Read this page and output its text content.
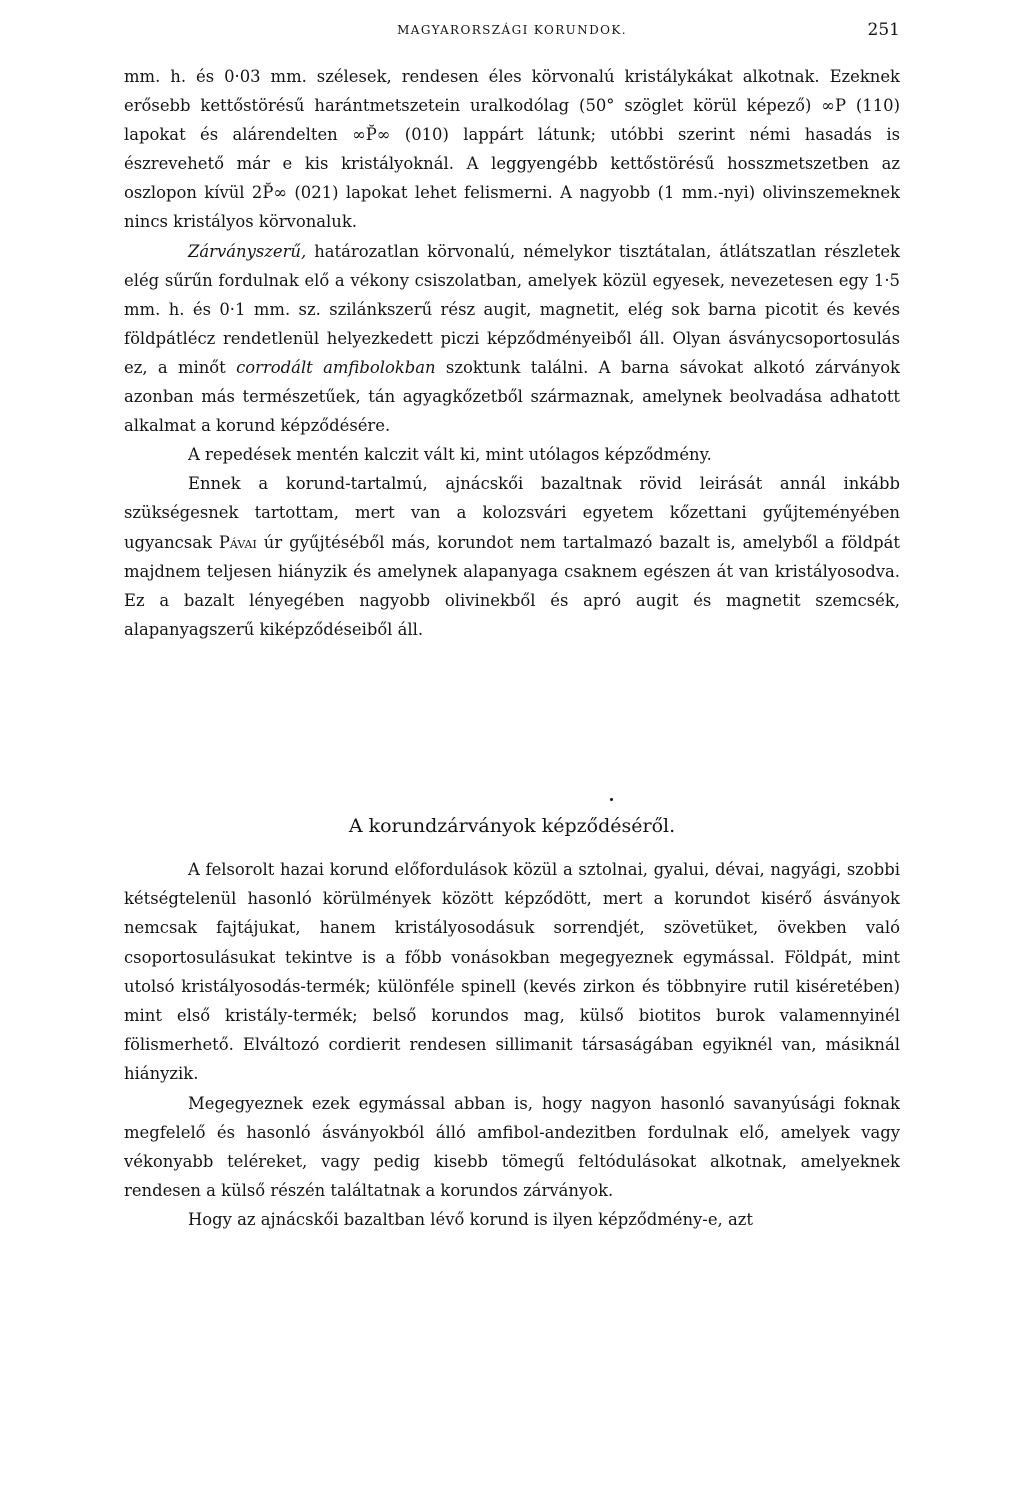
MAGYARORSZÁGI KORUNDOK.	251

mm. h. és 0·03 mm. szélesek, rendesen éles körvonalú kristálykákat alkotnak. Ezeknek erősebb kettőstörésű harántmetszetein uralkodólag (50° szöglet körül képező) ∞P (110) lapokat és alárendelten ∞P̆∞ (010) lappárt látunk; utóbbi szerint némi hasadás is észrevehető már e kis kristályoknál. A leggyengébb kettőstörésű hosszmetszetben az oszlopon kívül 2P̆∞ (021) lapokat lehet felismerni. A nagyobb (1 mm.-nyi) olivinszemeknek nincs kristályos körvonaluk.

Zárványszerű, határozatlan körvonalú, némelykor tisztátalan, átlátszatlan részletek elég sűrűn fordulnak elő a vékony csiszolatban, amelyek közül egyesek, nevezetesen egy 1·5 mm. h. és 0·1 mm. sz. szilánkszerű rész augit, magnetit, elég sok barna picotit és kevés földpátlécz rendetlenül helyezkedett piczi képződményeiből áll. Olyan ásványcsoportosulás ez, a minőt corrodált amfibolokban szoktunk találni. A barna sávokat alkotó zárványok azonban más természetűek, tán agyagkőzetből származnak, amelynek beolvadása adhatott alkalmat a korund képződésére.

A repedések mentén kalczit vált ki, mint utólagos képződmény.

Ennek a korund-tartalmú, ajnácskői bazaltnak rövid leirását annál inkább szükségesnek tartottam, mert van a kolozsvári egyetem kőzettani gyűjteményében ugyancsak Pávai úr gyűjtéséből más, korundot nem tartalmazó bazalt is, amelyből a földpát majdnem teljesen hiányzik és amelynek alapanyaga csaknem egészen át van kristályosodva. Ez a bazalt lényegében nagyobb olivinekből és apró augit és magnetit szemcsék, alapanyagszerű kiképződéseiből áll.

A korundzárványok képződéséről.

A felsorolt hazai korund előfordulások közül a sztolnai, gyalui, dévai, nagyági, szobbi kétségtelenül hasonló körülmények között képződött, mert a korundot kisérő ásványok nemcsak fajtájukat, hanem kristályosodásuk sorrendjét, szövetüket, övekben való csoportosulásukat tekintve is a főbb vonásokban megegyeznek egymással. Földpát, mint utolsó kristályosodás-termék; különféle spinell (kevés zirkon és többnyire rutil kiséretében) mint első kristály-termék; belső korundos mag, külső biotitos burok valamennyinél fölismerhető. Elváltozó cordierit rendesen sillimanit társaságában egyiknél van, másiknál hiányzik.

Megegyeznek ezek egymással abban is, hogy nagyon hasonló savanyúsági foknak megfelelő és hasonló ásványokból álló amfibol-andezitben fordulnak elő, amelyek vagy vékonyabb teléreket, vagy pedig kisebb tömegű feltódulásokat alkotnak, amelyeknek rendesen a külső részén találtatnak a korundos zárványok.

Hogy az ajnácskői bazaltban lévő korund is ilyen képződmény-e, azt
